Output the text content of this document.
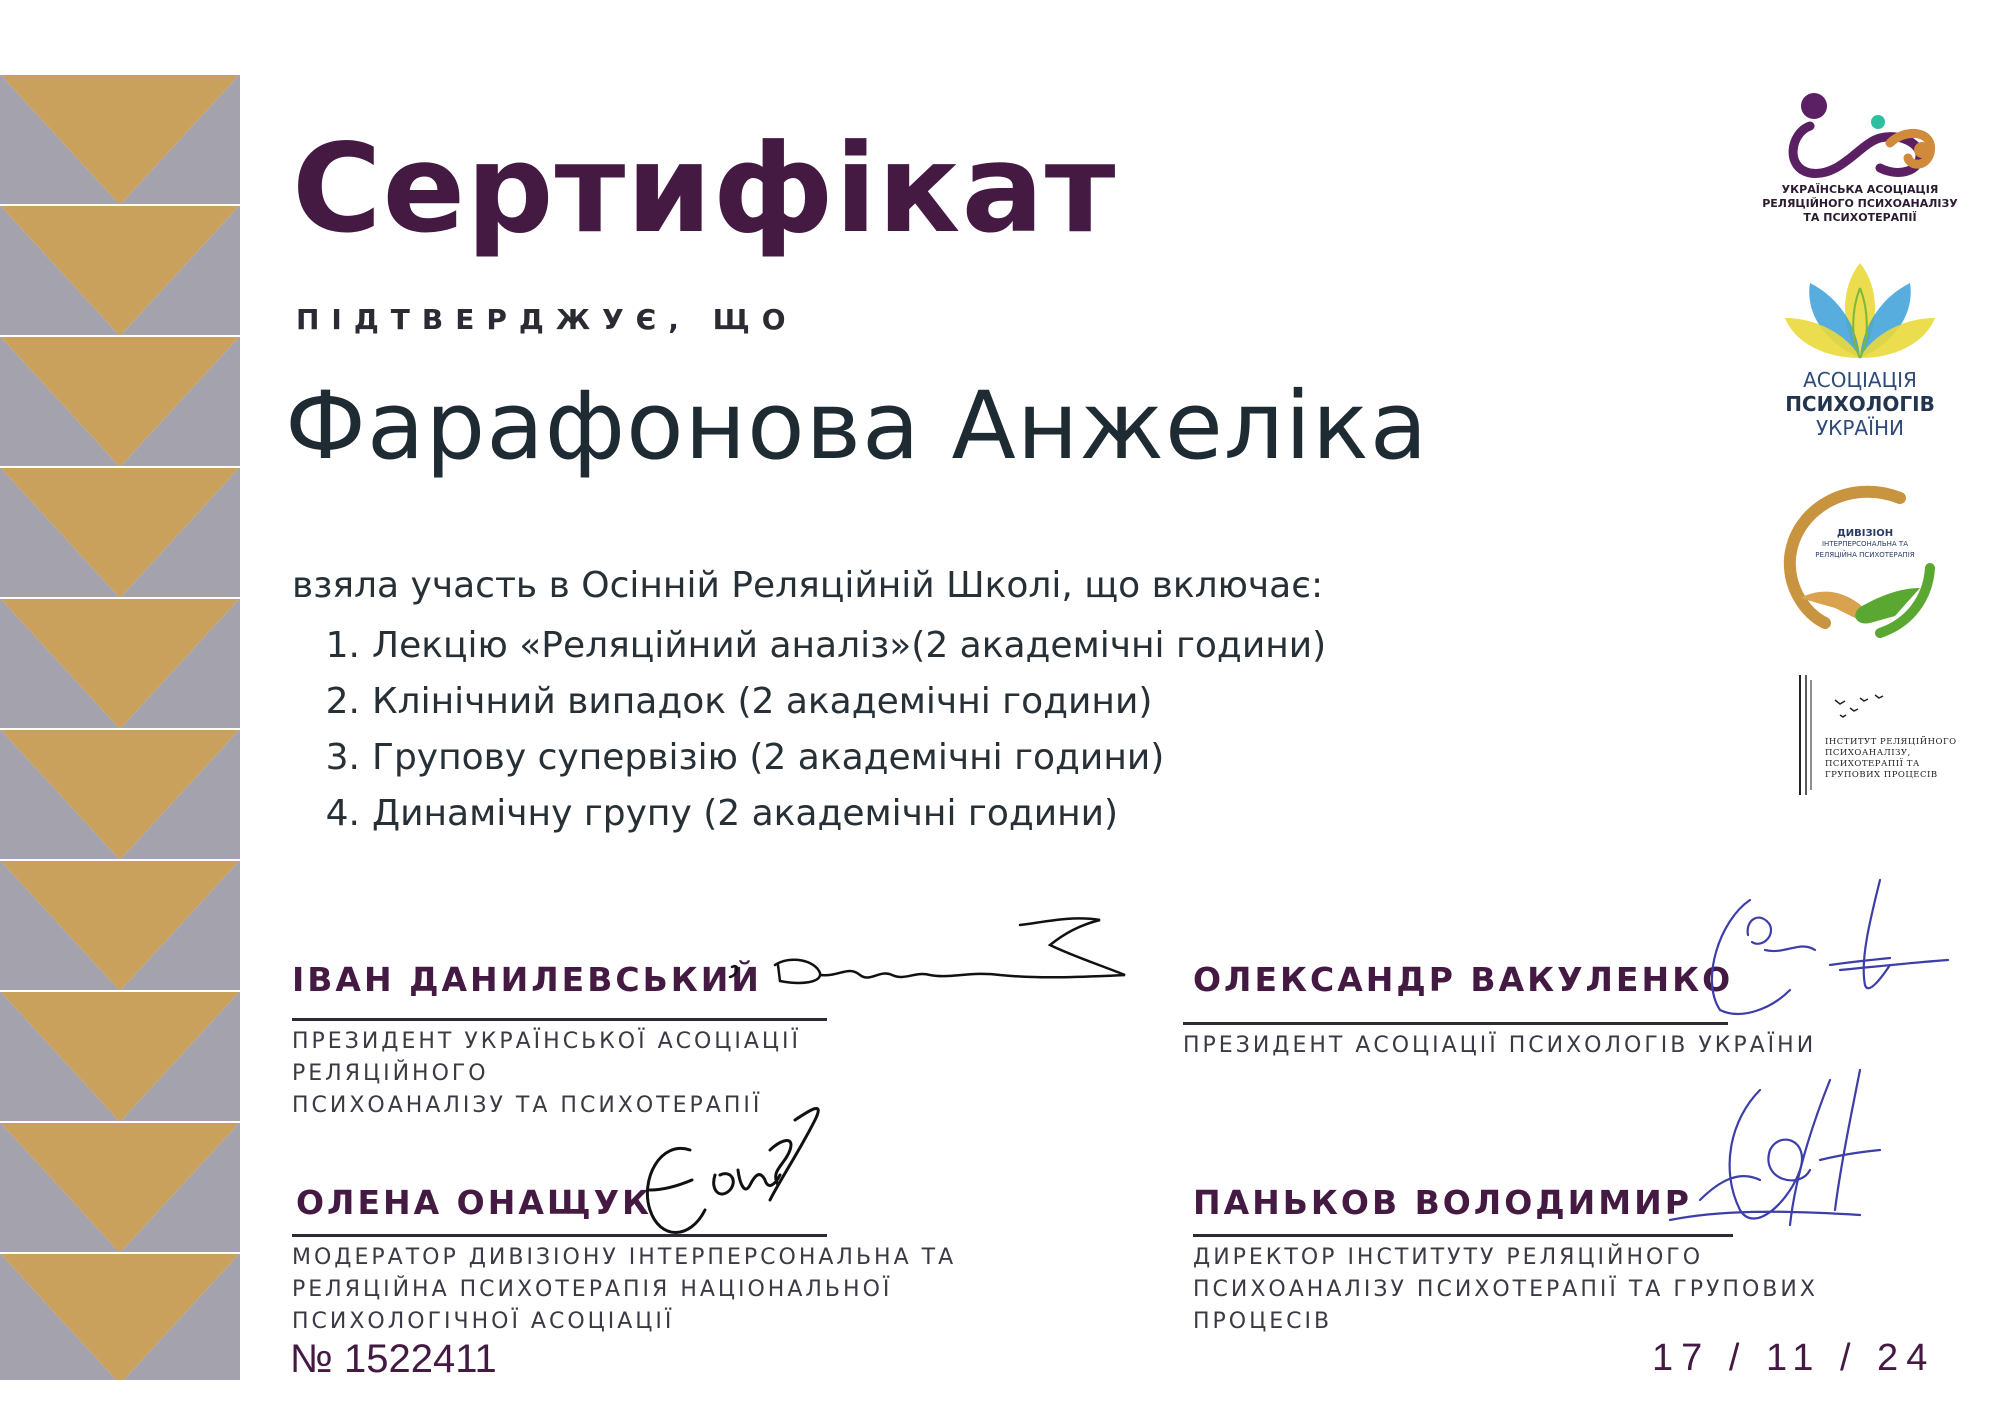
Сертифікат
ПІДТВЕРДЖУЄ, ЩО
Фарафонова Анжеліка
взяла участь в Осінній Реляційній Школі, що включає:
1. Лекцію «Реляційний аналіз»(2 академічні години)
2. Клінічний випадок (2 академічні години)
3. Групову супервізію (2 академічні години)
4. Динамічну групу (2 академічні години)
ІВАН ДАНИЛЕВСЬКИЙ
ПРЕЗИДЕНТ УКРАЇНСЬКОЇ АСОЦІАЦІЇ РЕЛЯЦІЙНОГО
ПСИХОАНАЛІЗУ ТА ПСИХОТЕРАПІЇ
ОЛЕКСАНДР ВАКУЛЕНКО
ПРЕЗИДЕНТ АСОЦІАЦІЇ ПСИХОЛОГІВ УКРАЇНИ
ОЛЕНА ОНАЩУК
МОДЕРАТОР ДИВІЗІОНУ ІНТЕРПЕРСОНАЛЬНА ТА
РЕЛЯЦІЙНА ПСИХОТЕРАПІЯ НАЦІОНАЛЬНОЇ
ПСИХОЛОГІЧНОЇ АСОЦІАЦІЇ
ПАНЬКОВ ВОЛОДИМИР
ДИРЕКТОР ІНСТИТУТУ РЕЛЯЦІЙНОГО
ПСИХОАНАЛІЗУ ПСИХОТЕРАПІЇ ТА ГРУПОВИХ
ПРОЦЕСІВ
№ 1522411	17 / 11 / 24
УКРАЇНСЬКА АСОЦІАЦІЯ
РЕЛЯЦІЙНОГО ПСИХОАНАЛІЗУ
ТА ПСИХОТЕРАПІЇ
АСОЦІАЦІЯ
ПСИХОЛОГІВ
УКРАЇНИ
ДИВІЗІОН
ІНТЕРПЕРСОНАЛЬНА ТА
РЕЛЯЦІЙНА ПСИХОТЕРАПІЯ
ІНСТИТУТ РЕЛЯЦІЙНОГО
ПСИХОАНАЛІЗУ,
ПСИХОТЕРАПІЇ ТА
ГРУПОВИХ ПРОЦЕСІВ
